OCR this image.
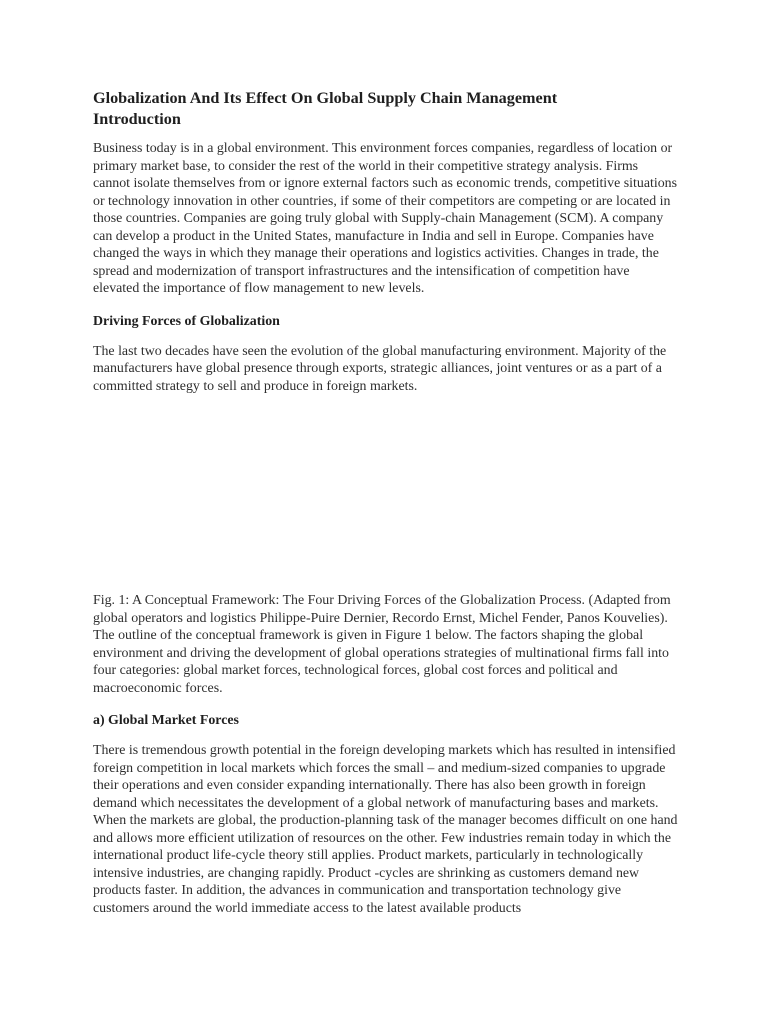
Globalization And Its Effect On Global Supply Chain Management
Introduction

Business today is in a global environment. This environment forces companies, regardless of location or primary market base, to consider the rest of the world in their competitive strategy analysis. Firms cannot isolate themselves from or ignore external factors such as economic trends, competitive situations or technology innovation in other countries, if some of their competitors are competing or are located in those countries. Companies are going truly global with Supply-chain Management (SCM). A company can develop a product in the United States, manufacture in India and sell in Europe. Companies have changed the ways in which they manage their operations and logistics activities. Changes in trade, the spread and modernization of transport infrastructures and the intensification of competition have elevated the importance of flow management to new levels.

Driving Forces of Globalization

The last two decades have seen the evolution of the global manufacturing environment. Majority of the manufacturers have global presence through exports, strategic alliances, joint ventures or as a part of a committed strategy to sell and produce in foreign markets.

Fig. 1: A Conceptual Framework: The Four Driving Forces of the Globalization Process. (Adapted from global operators and logistics Philippe-Puire Dernier, Recordo Ernst, Michel Fender, Panos Kouvelies). The outline of the conceptual framework is given in Figure 1 below. The factors shaping the global environment and driving the development of global operations strategies of multinational firms fall into four categories: global market forces, technological forces, global cost forces and political and macroeconomic forces.

a) Global Market Forces

There is tremendous growth potential in the foreign developing markets which has resulted in intensified foreign competition in local markets which forces the small – and medium-sized companies to upgrade their operations and even consider expanding internationally. There has also been growth in foreign demand which necessitates the development of a global network of manufacturing bases and markets. When the markets are global, the production-planning task of the manager becomes difficult on one hand and allows more efficient utilization of resources on the other. Few industries remain today in which the international product life-cycle theory still applies. Product markets, particularly in technologically intensive industries, are changing rapidly. Product -cycles are shrinking as customers demand new products faster. In addition, the advances in communication and transportation technology give customers around the world immediate access to the latest available products
